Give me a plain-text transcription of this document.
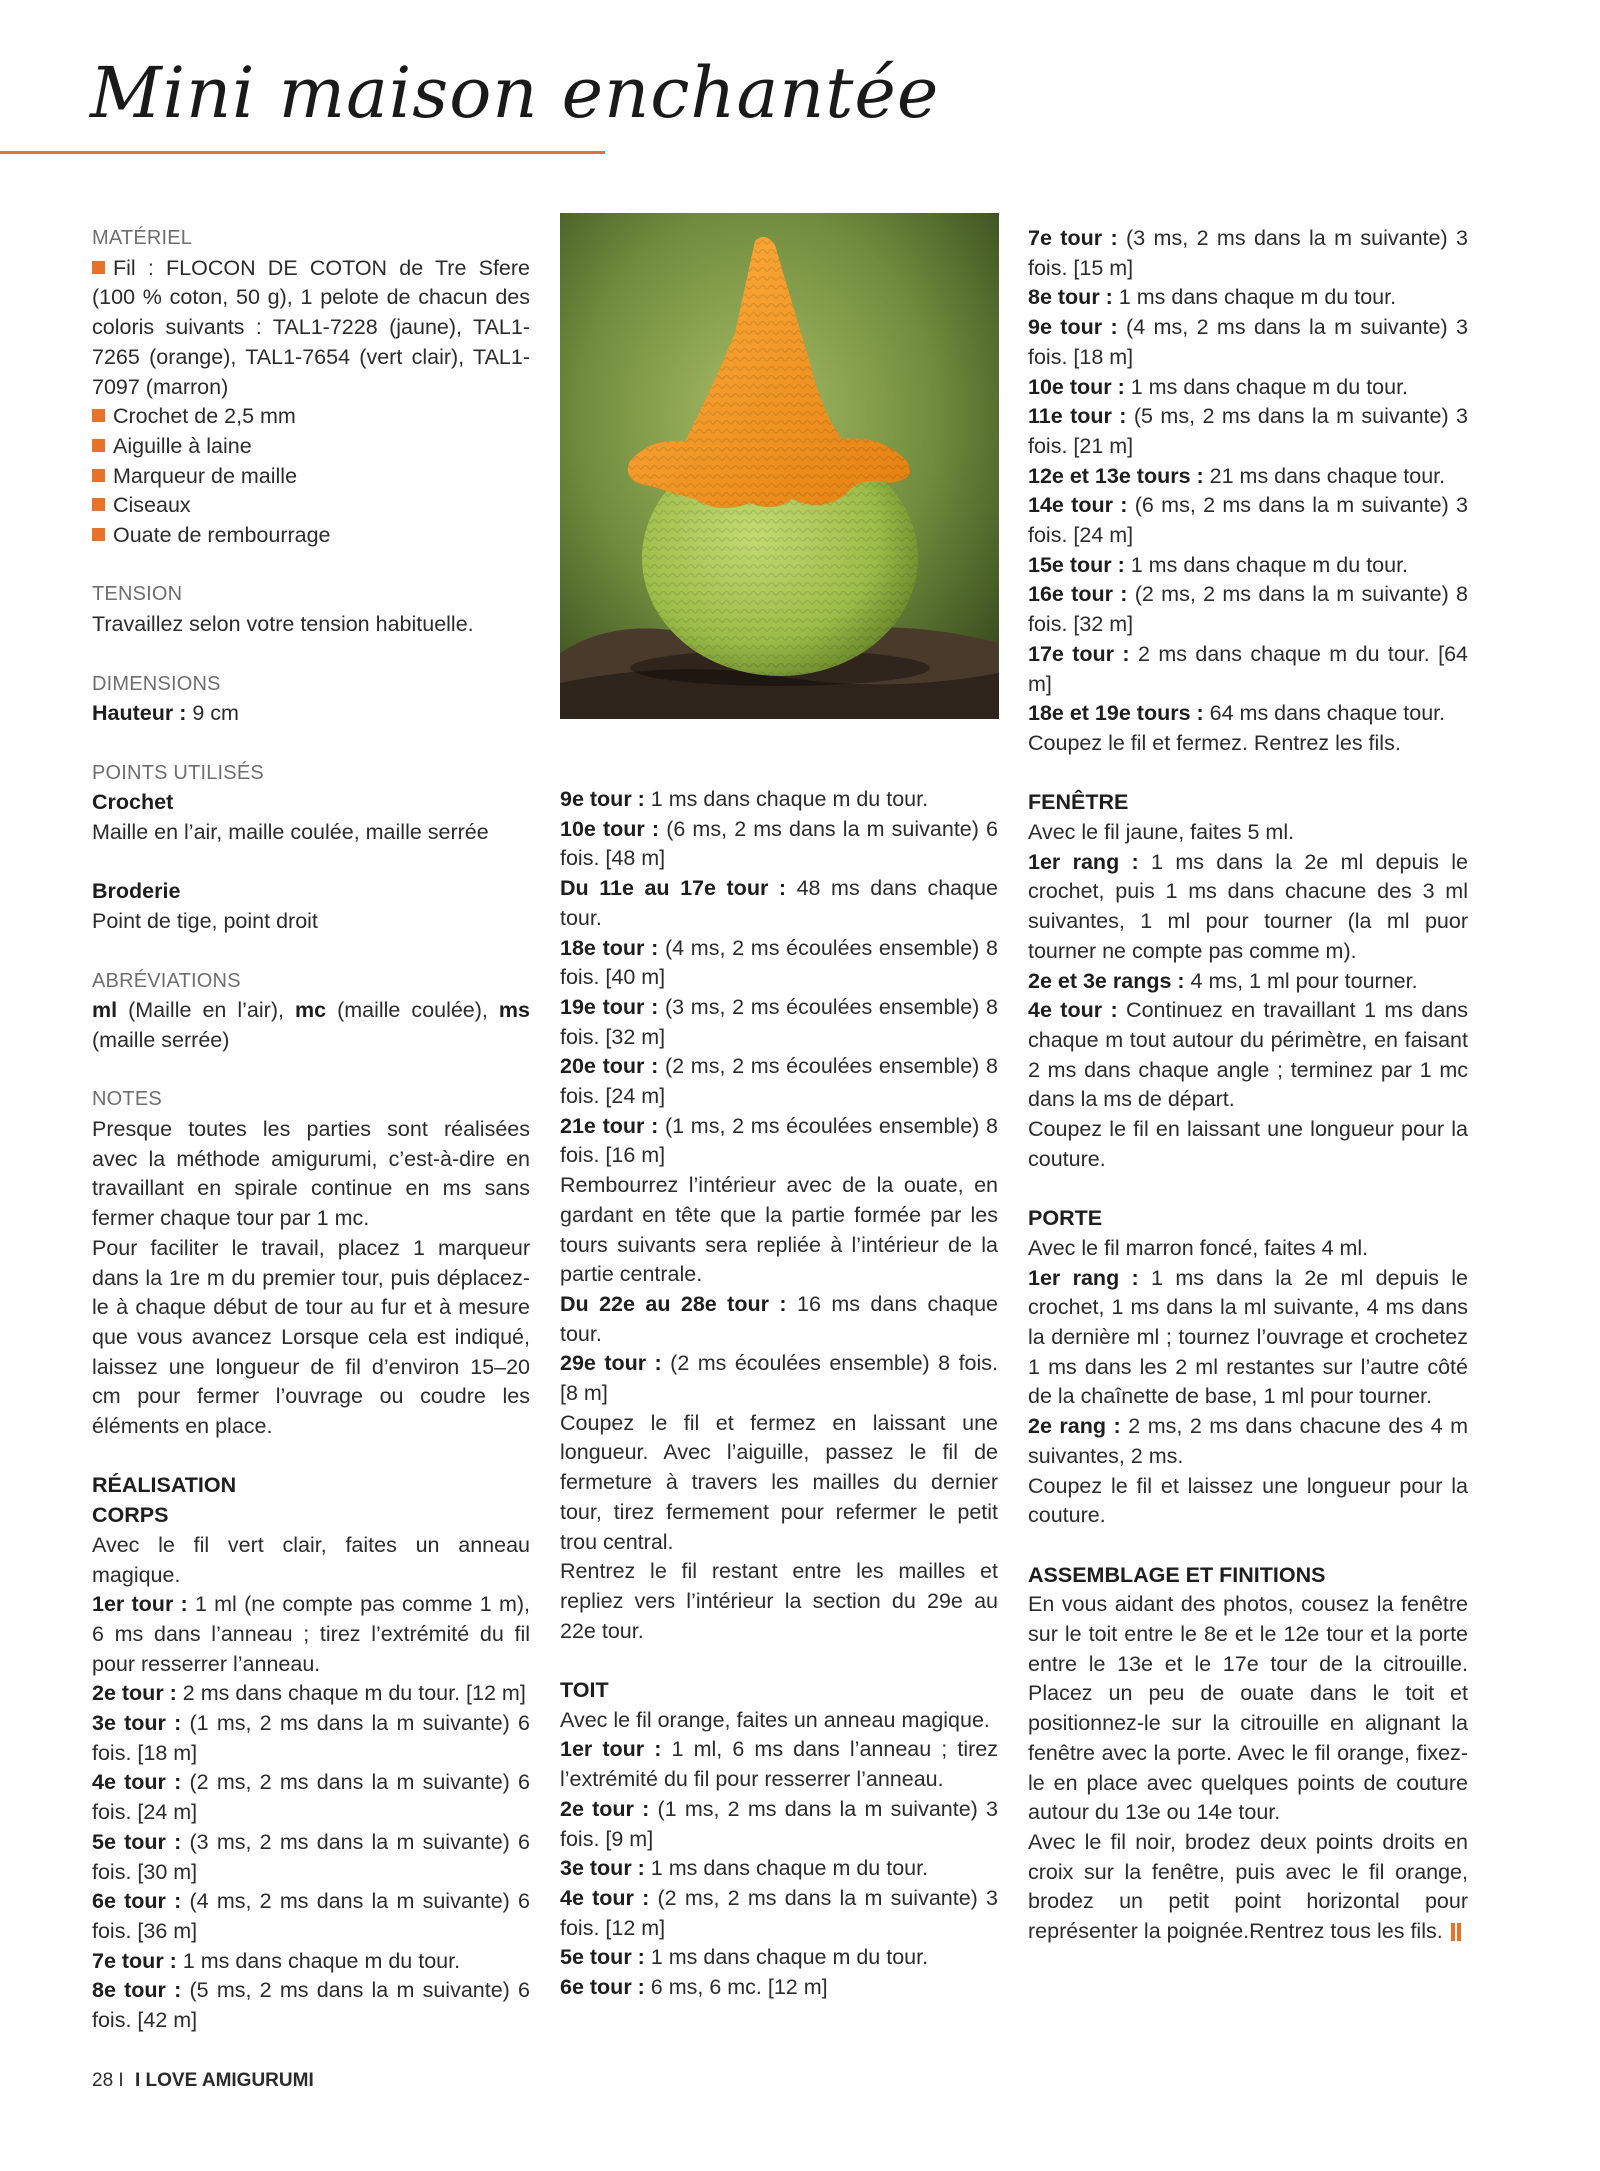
Mini maison enchantée

MATÉRIEL

Fil : FLOCON DE COTON de Tre Sfere (100 % coton, 50 g), 1 pelote de chacun des coloris suivants : TAL1-7228 (jaune), TAL1-7265 (orange), TAL1-7654 (vert clair), TAL1-7097 (marron)

Crochet de 2,5 mm

Aiguille à laine

Marqueur de maille

Ciseaux

Ouate de rembourrage

TENSION

Travaillez selon votre tension habituelle.

DIMENSIONS

Hauteur : 9 cm

POINTS UTILISÉS

Crochet

Maille en l’air, maille coulée, maille serrée

Broderie

Point de tige, point droit

ABRÉVIATIONS

ml (Maille en l’air), mc (maille coulée), ms (maille serrée)

NOTES

Presque toutes les parties sont réalisées avec la méthode amigurumi, c’est-à-dire en travaillant en spirale continue en ms sans fermer chaque tour par 1 mc.

Pour faciliter le travail, placez 1 marqueur dans la 1re m du premier tour, puis déplacez-le à chaque début de tour au fur et à mesure que vous avancez Lorsque cela est indiqué, laissez une longueur de fil d’environ 15–20 cm pour fermer l’ouvrage ou coudre les éléments en place.

RÉALISATION

CORPS

Avec le fil vert clair, faites un anneau magique.

1er tour : 1 ml (ne compte pas comme 1 m), 6 ms dans l’anneau ; tirez l’extrémité du fil pour resserrer l’anneau.

2e tour : 2 ms dans chaque m du tour. [12 m]

3e tour : (1 ms, 2 ms dans la m suivante) 6 fois. [18 m]

4e tour : (2 ms, 2 ms dans la m suivante) 6 fois. [24 m]

5e tour : (3 ms, 2 ms dans la m suivante) 6 fois. [30 m]

6e tour : (4 ms, 2 ms dans la m suivante) 6 fois. [36 m]

7e tour : 1 ms dans chaque m du tour.

8e tour : (5 ms, 2 ms dans la m suivante) 6 fois. [42 m]

9e tour : 1 ms dans chaque m du tour.

10e tour : (6 ms, 2 ms dans la m suivante) 6 fois. [48 m]

Du 11e au 17e tour : 48 ms dans chaque tour.

18e tour : (4 ms, 2 ms écoulées ensemble) 8 fois. [40 m]

19e tour : (3 ms, 2 ms écoulées ensemble) 8 fois. [32 m]

20e tour : (2 ms, 2 ms écoulées ensemble) 8 fois. [24 m]

21e tour : (1 ms, 2 ms écoulées ensemble) 8 fois. [16 m]

Rembourrez l’intérieur avec de la ouate, en gardant en tête que la partie formée par les tours suivants sera repliée à l’intérieur de la partie centrale.

Du 22e au 28e tour : 16 ms dans chaque tour.

29e tour : (2 ms écoulées ensemble) 8 fois. [8 m]

Coupez le fil et fermez en laissant une longueur. Avec l’aiguille, passez le fil de fermeture à travers les mailles du dernier tour, tirez fermement pour refermer le petit trou central.

Rentrez le fil restant entre les mailles et repliez vers l’intérieur la section du 29e au 22e tour.

TOIT

Avec le fil orange, faites un anneau magique.

1er tour : 1 ml, 6 ms dans l’anneau ; tirez l’extrémité du fil pour resserrer l’anneau.

2e tour : (1 ms, 2 ms dans la m suivante) 3 fois. [9 m]

3e tour : 1 ms dans chaque m du tour.

4e tour : (2 ms, 2 ms dans la m suivante) 3 fois. [12 m]

5e tour : 1 ms dans chaque m du tour.

6e tour : 6 ms, 6 mc. [12 m]

7e tour : (3 ms, 2 ms dans la m suivante) 3 fois. [15 m]

8e tour : 1 ms dans chaque m du tour.

9e tour : (4 ms, 2 ms dans la m suivante) 3 fois. [18 m]

10e tour : 1 ms dans chaque m du tour.

11e tour : (5 ms, 2 ms dans la m suivante) 3 fois. [21 m]

12e et 13e tours : 21 ms dans chaque tour.

14e tour : (6 ms, 2 ms dans la m suivante) 3 fois. [24 m]

15e tour : 1 ms dans chaque m du tour.

16e tour : (2 ms, 2 ms dans la m suivante) 8 fois. [32 m]

17e tour : 2 ms dans chaque m du tour. [64 m]

18e et 19e tours : 64 ms dans chaque tour.

Coupez le fil et fermez. Rentrez les fils.

FENÊTRE

Avec le fil jaune, faites 5 ml.

1er rang : 1 ms dans la 2e ml depuis le crochet, puis 1 ms dans chacune des 3 ml suivantes, 1 ml pour tourner (la ml puor tourner ne compte pas comme m).

2e et 3e rangs : 4 ms, 1 ml pour tourner.

4e tour : Continuez en travaillant 1 ms dans chaque m tout autour du périmètre, en faisant 2 ms dans chaque angle ; terminez par 1 mc dans la ms de départ.

Coupez le fil en laissant une longueur pour la couture.

PORTE

Avec le fil marron foncé, faites 4 ml.

1er rang : 1 ms dans la 2e ml depuis le crochet, 1 ms dans la ml suivante, 4 ms dans la dernière ml ; tournez l’ouvrage et crochetez 1 ms dans les 2 ml restantes sur l’autre côté de la chaînette de base, 1 ml pour tourner.

2e rang : 2 ms, 2 ms dans chacune des 4 m suivantes, 2 ms.

Coupez le fil et laissez une longueur pour la couture.

ASSEMBLAGE ET FINITIONS

En vous aidant des photos, cousez la fenêtre sur le toit entre le 8e et le 12e tour et la porte entre le 13e et le 17e tour de la citrouille. Placez un peu de ouate dans le toit et positionnez-le sur la citrouille en alignant la fenêtre avec la porte. Avec le fil orange, fixez-le en place avec quelques points de couture autour du 13e ou 14e tour.

Avec le fil noir, brodez deux points droits en croix sur la fenêtre, puis avec le fil orange, brodez un petit point horizontal pour représenter la poignée.Rentrez tous les fils.

28 I I LOVE AMIGURUMI
